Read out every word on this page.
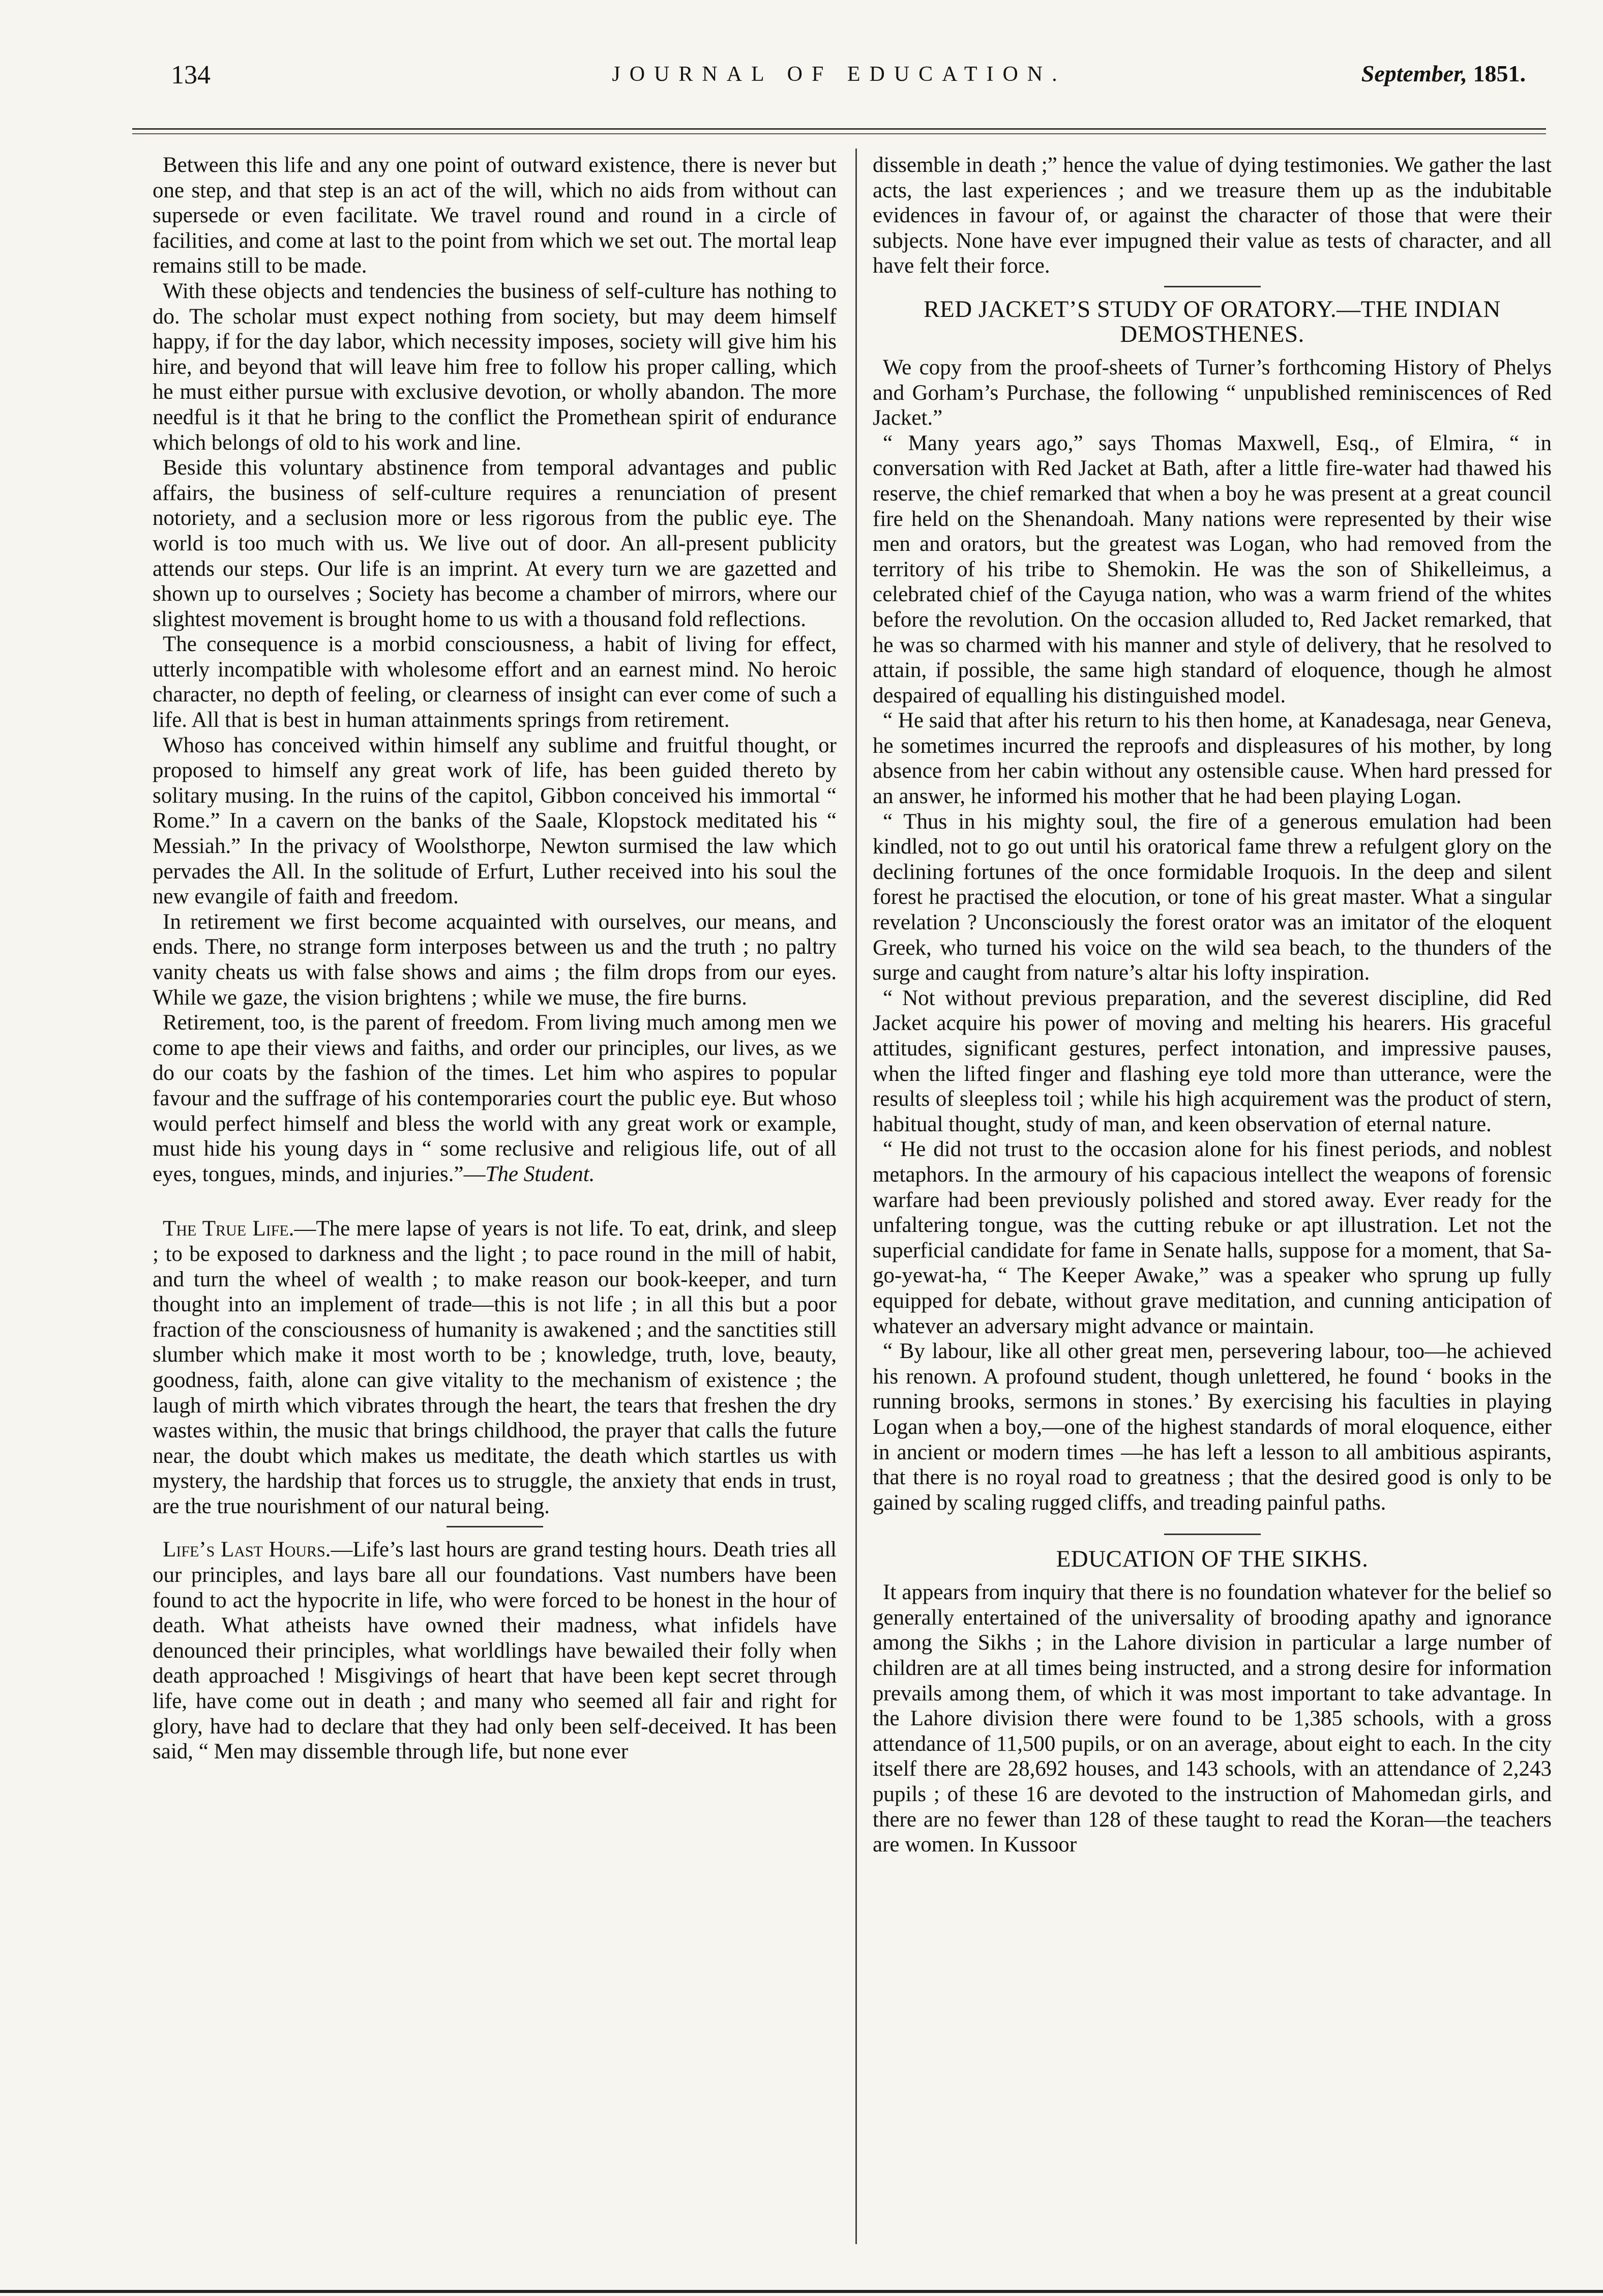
134	JOURNAL OF EDUCATION.	September, 1851.

Between this life and any one point of outward existence, there is never but one step, and that step is an act of the will, which no aids from without can supersede or even facilitate. We travel round and round in a circle of facilities, and come at last to the point from which we set out. The mortal leap remains still to be made.

With these objects and tendencies the business of self-culture has nothing to do. The scholar must expect nothing from society, but may deem himself happy, if for the day labor, which necessity imposes, society will give him his hire, and beyond that will leave him free to follow his proper calling, which he must either pursue with exclusive devotion, or wholly abandon. The more needful is it that he bring to the conflict the Promethean spirit of endurance which belongs of old to his work and line.

Beside this voluntary abstinence from temporal advantages and public affairs, the business of self-culture requires a renunciation of present notoriety, and a seclusion more or less rigorous from the public eye. The world is too much with us. We live out of door. An all-present publicity attends our steps. Our life is an imprint. At every turn we are gazetted and shown up to ourselves ; Society has become a chamber of mirrors, where our slightest movement is brought home to us with a thousand fold reflections.

The consequence is a morbid consciousness, a habit of living for effect, utterly incompatible with wholesome effort and an earnest mind. No heroic character, no depth of feeling, or clearness of insight can ever come of such a life. All that is best in human attainments springs from retirement.

Whoso has conceived within himself any sublime and fruitful thought, or proposed to himself any great work of life, has been guided thereto by solitary musing. In the ruins of the capitol, Gibbon conceived his immortal “ Rome.” In a cavern on the banks of the Saale, Klopstock meditated his “ Messiah.” In the privacy of Woolsthorpe, Newton surmised the law which pervades the All. In the solitude of Erfurt, Luther received into his soul the new evangile of faith and freedom.

In retirement we first become acquainted with ourselves, our means, and ends. There, no strange form interposes between us and the truth ; no paltry vanity cheats us with false shows and aims ; the film drops from our eyes. While we gaze, the vision brightens ; while we muse, the fire burns.

Retirement, too, is the parent of freedom. From living much among men we come to ape their views and faiths, and order our principles, our lives, as we do our coats by the fashion of the times. Let him who aspires to popular favour and the suffrage of his contemporaries court the public eye. But whoso would perfect himself and bless the world with any great work or example, must hide his young days in “ some reclusive and religious life, out of all eyes, tongues, minds, and injuries.”—The Student.

The True Life.—The mere lapse of years is not life. To eat, drink, and sleep ; to be exposed to darkness and the light ; to pace round in the mill of habit, and turn the wheel of wealth ; to make reason our book-keeper, and turn thought into an implement of trade—this is not life ; in all this but a poor fraction of the consciousness of humanity is awakened ; and the sanctities still slumber which make it most worth to be ; knowledge, truth, love, beauty, goodness, faith, alone can give vitality to the mechanism of existence ; the laugh of mirth which vibrates through the heart, the tears that freshen the dry wastes within, the music that brings childhood, the prayer that calls the future near, the doubt which makes us meditate, the death which startles us with mystery, the hardship that forces us to struggle, the anxiety that ends in trust, are the true nourishment of our natural being.

Life’s Last Hours.—Life’s last hours are grand testing hours. Death tries all our principles, and lays bare all our foundations. Vast numbers have been found to act the hypocrite in life, who were forced to be honest in the hour of death. What atheists have owned their madness, what infidels have denounced their principles, what worldlings have bewailed their folly when death approached ! Misgivings of heart that have been kept secret through life, have come out in death ; and many who seemed all fair and right for glory, have had to declare that they had only been self-deceived. It has been said, “ Men may dissemble through life, but none ever

dissemble in death ;” hence the value of dying testimonies. We gather the last acts, the last experiences ; and we treasure them up as the indubitable evidences in favour of, or against the character of those that were their subjects. None have ever impugned their value as tests of character, and all have felt their force.

RED JACKET’S STUDY OF ORATORY.—THE INDIAN DEMOSTHENES.

We copy from the proof-sheets of Turner’s forthcoming History of Phelys and Gorham’s Purchase, the following “ unpublished reminiscences of Red Jacket.”

“ Many years ago,” says Thomas Maxwell, Esq., of Elmira, “ in conversation with Red Jacket at Bath, after a little fire-water had thawed his reserve, the chief remarked that when a boy he was present at a great council fire held on the Shenandoah. Many nations were represented by their wise men and orators, but the greatest was Logan, who had removed from the territory of his tribe to Shemokin. He was the son of Shikelleimus, a celebrated chief of the Cayuga nation, who was a warm friend of the whites before the revolution. On the occasion alluded to, Red Jacket remarked, that he was so charmed with his manner and style of delivery, that he resolved to attain, if possible, the same high standard of eloquence, though he almost despaired of equalling his distinguished model.

“ He said that after his return to his then home, at Kanadesaga, near Geneva, he sometimes incurred the reproofs and displeasures of his mother, by long absence from her cabin without any ostensible cause. When hard pressed for an answer, he informed his mother that he had been playing Logan.

“ Thus in his mighty soul, the fire of a generous emulation had been kindled, not to go out until his oratorical fame threw a refulgent glory on the declining fortunes of the once formidable Iroquois. In the deep and silent forest he practised the elocution, or tone of his great master. What a singular revelation ? Unconsciously the forest orator was an imitator of the eloquent Greek, who turned his voice on the wild sea beach, to the thunders of the surge and caught from nature’s altar his lofty inspiration.

“ Not without previous preparation, and the severest discipline, did Red Jacket acquire his power of moving and melting his hearers. His graceful attitudes, significant gestures, perfect intonation, and impressive pauses, when the lifted finger and flashing eye told more than utterance, were the results of sleepless toil ; while his high acquirement was the product of stern, habitual thought, study of man, and keen observation of eternal nature.

“ He did not trust to the occasion alone for his finest periods, and noblest metaphors. In the armoury of his capacious intellect the weapons of forensic warfare had been previously polished and stored away. Ever ready for the unfaltering tongue, was the cutting rebuke or apt illustration. Let not the superficial candidate for fame in Senate halls, suppose for a moment, that Sa-go-yewat-ha, “ The Keeper Awake,” was a speaker who sprung up fully equipped for debate, without grave meditation, and cunning anticipation of whatever an adversary might advance or maintain.

“ By labour, like all other great men, persevering labour, too—he achieved his renown. A profound student, though unlettered, he found ‘ books in the running brooks, sermons in stones.’ By exercising his faculties in playing Logan when a boy,—one of the highest standards of moral eloquence, either in ancient or modern times —he has left a lesson to all ambitious aspirants, that there is no royal road to greatness ; that the desired good is only to be gained by scaling rugged cliffs, and treading painful paths.

EDUCATION OF THE SIKHS.

It appears from inquiry that there is no foundation whatever for the belief so generally entertained of the universality of brooding apathy and ignorance among the Sikhs ; in the Lahore division in particular a large number of children are at all times being instructed, and a strong desire for information prevails among them, of which it was most important to take advantage. In the Lahore division there were found to be 1,385 schools, with a gross attendance of 11,500 pupils, or on an average, about eight to each. In the city itself there are 28,692 houses, and 143 schools, with an attendance of 2,243 pupils ; of these 16 are devoted to the instruction of Mahomedan girls, and there are no fewer than 128 of these taught to read the Koran—the teachers are women. In Kussoor
